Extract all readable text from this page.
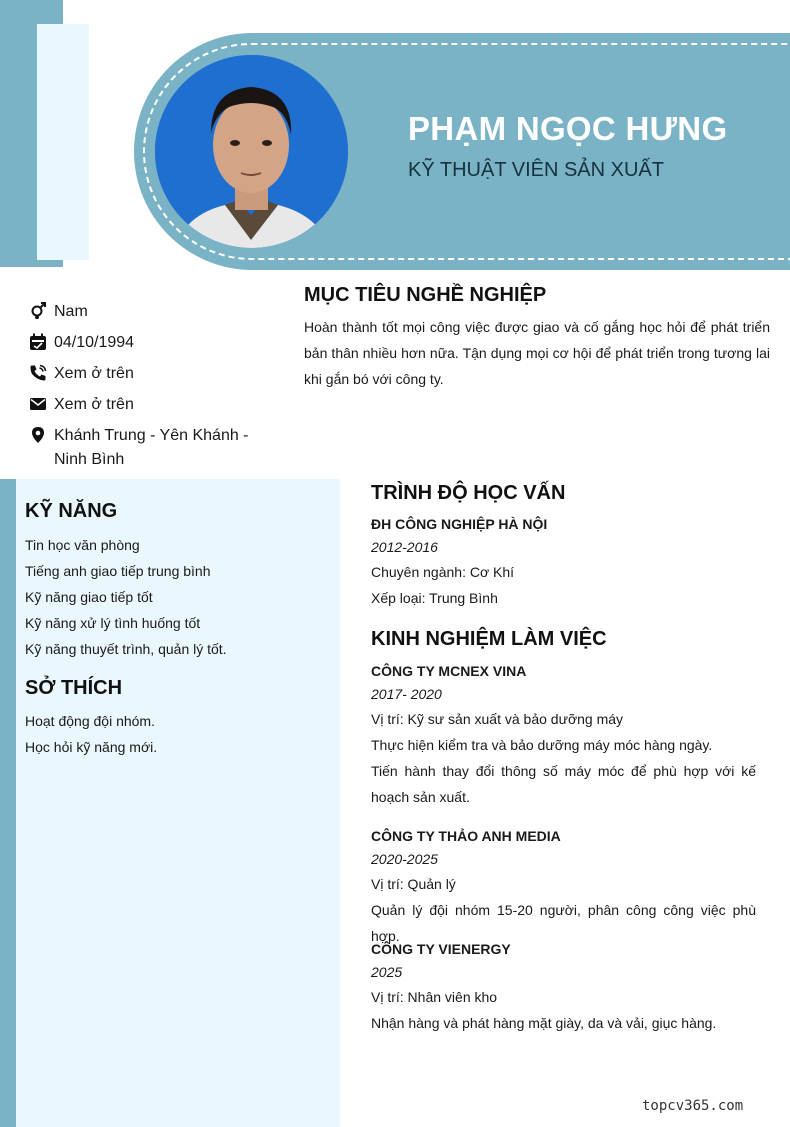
PHẠM NGỌC HƯNG
KỸ THUẬT VIÊN SẢN XUẤT
Nam
04/10/1994
Xem ở trên
Xem ở trên
Khánh Trung - Yên Khánh - Ninh Bình
MỤC TIÊU NGHỀ NGHIỆP
Hoàn thành tốt mọi công việc được giao và cố gắng học hỏi để phát triển bản thân nhiều hơn nữa. Tận dụng mọi cơ hội để phát triển trong tương lai khi gắn bó với công ty.
KỸ NĂNG
Tin học văn phòng
Tiếng anh giao tiếp trung bình
Kỹ năng giao tiếp tốt
Kỹ năng xử lý tình huống tốt
Kỹ năng thuyết trình, quản lý tốt.
SỞ THÍCH
Hoạt động đội nhóm.
Học hỏi kỹ năng mới.
TRÌNH ĐỘ HỌC VẤN
ĐH CÔNG NGHIỆP HÀ NỘI
2012-2016
Chuyên ngành: Cơ Khí
Xếp loại: Trung Bình
KINH NGHIỆM LÀM VIỆC
CÔNG TY MCNEX VINA
2017- 2020
Vị trí: Kỹ sư sản xuất và bảo dưỡng máy
Thực hiện kiểm tra và bảo dưỡng máy móc hàng ngày.
Tiến hành thay đổi thông số máy móc để phù hợp với kế hoạch sản xuất.
CÔNG TY THẢO ANH MEDIA
2020-2025
Vị trí: Quản lý
Quản lý đội nhóm 15-20 người, phân công công việc phù hợp.
CÔNG TY VIENERGY
2025
Vị trí: Nhân viên kho
Nhận hàng và phát hàng mặt giày, da và vải, giục hàng.
topcv365.com
